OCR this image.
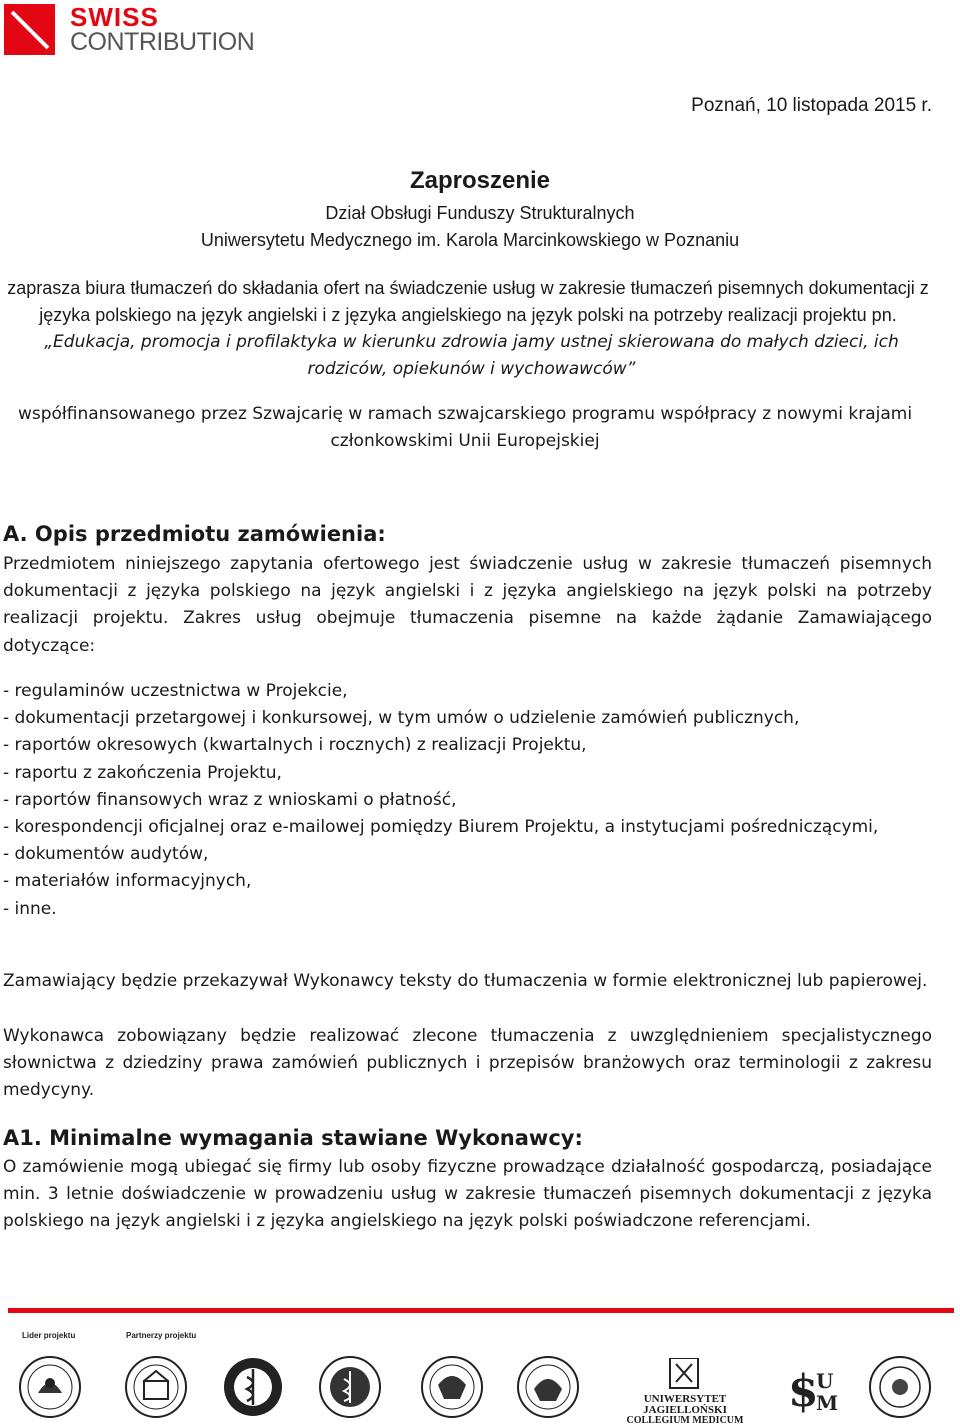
SWISS
CONTRIBUTION
Poznań, 10 listopada 2015 r.
Zaproszenie
Dział Obsługi Funduszy Strukturalnych
Uniwersytetu Medycznego im. Karola Marcinkowskiego w Poznaniu
zaprasza biura tłumaczeń do składania ofert na świadczenie usług w zakresie tłumaczeń pisemnych dokumentacji z języka polskiego na język angielski i z języka angielskiego na język polski na potrzeby realizacji projektu pn.
„Edukacja, promocja i profilaktyka w kierunku zdrowia jamy ustnej skierowana do małych dzieci, ich rodziców, opiekunów i wychowawców”
współfinansowanego przez Szwajcarię w ramach szwajcarskiego programu współpracy z nowymi krajami członkowskimi Unii Europejskiej
A. Opis przedmiotu zamówienia:
Przedmiotem niniejszego zapytania ofertowego jest świadczenie usług w zakresie tłumaczeń pisemnych dokumentacji z języka polskiego na język angielski i z języka angielskiego na język polski na potrzeby realizacji projektu. Zakres usług obejmuje tłumaczenia pisemne na każde żądanie Zamawiającego dotyczące:
- regulaminów uczestnictwa w Projekcie,
- dokumentacji przetargowej i konkursowej, w tym umów o udzielenie zamówień publicznych,
- raportów okresowych (kwartalnych i rocznych) z realizacji Projektu,
- raportu z zakończenia Projektu,
- raportów finansowych wraz z wnioskami o płatność,
- korespondencji oficjalnej oraz e-mailowej pomiędzy Biurem Projektu, a instytucjami pośredniczącymi,
- dokumentów audytów,
- materiałów informacyjnych,
- inne.
Zamawiający będzie przekazywał Wykonawcy teksty do tłumaczenia w formie elektronicznej lub papierowej.
Wykonawca zobowiązany będzie realizować zlecone tłumaczenia z uwzględnieniem specjalistycznego słownictwa z dziedziny prawa zamówień publicznych i przepisów branżowych oraz terminologii z zakresu medycyny.
A1. Minimalne wymagania stawiane Wykonawcy:
O zamówienie mogą ubiegać się firmy lub osoby fizyczne prowadzące działalność gospodarczą, posiadające min. 3 letnie doświadczenie w prowadzeniu usług w zakresie tłumaczeń pisemnych dokumentacji z języka polskiego na język angielski i z języka angielskiego na język polski poświadczone referencjami.
Lider projektu	Partnerzy projektu
UNIWERSYTET JAGIELLOŃSKI
COLLEGIUM MEDICUM
$
U
M
